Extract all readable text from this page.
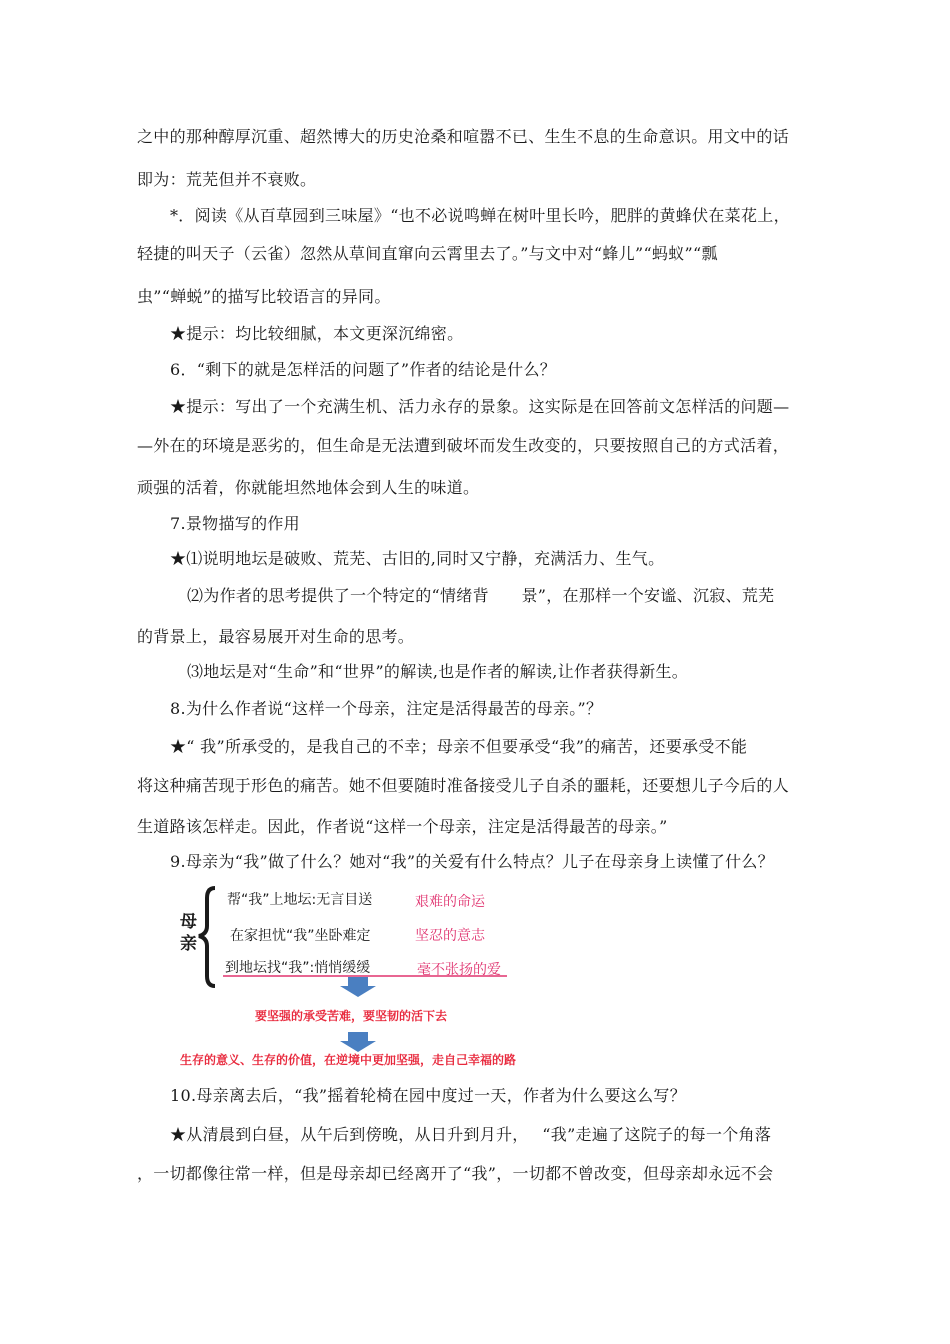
之中的那种醇厚沉重、超然博大的历史沧桑和喧嚣不已、生生不息的生命意识。用文中的话
即为：荒芜但并不衰败。
*．阅读《从百草园到三味屋》“也不必说鸣蝉在树叶里长吟，肥胖的黄蜂伏在菜花上，
轻捷的叫天子（云雀）忽然从草间直窜向云霄里去了。”与文中对“蜂儿”“蚂蚁”“瓢
虫”“蝉蜕”的描写比较语言的异同。
★提示：均比较细腻，本文更深沉绵密。
6．“剩下的就是怎样活的问题了”作者的结论是什么？
★提示：写出了一个充满生机、活力永存的景象。这实际是在回答前文怎样活的问题—
—外在的环境是恶劣的，但生命是无法遭到破坏而发生改变的，只要按照自己的方式活着，
顽强的活着，你就能坦然地体会到人生的味道。
7.景物描写的作用
★⑴说明地坛是破败、荒芜、古旧的,同时又宁静，充满活力、生气。
⑵为作者的思考提供了一个特定的“情绪背　　景”，在那样一个安谧、沉寂、荒芜
的背景上，最容易展开对生命的思考。
⑶地坛是对“生命”和“世界”的解读,也是作者的解读,让作者获得新生。
8.为什么作者说“这样一个母亲，注定是活得最苦的母亲。”？
★“ 我”所承受的，是我自己的不幸；母亲不但要承受“我”的痛苦，还要承受不能
将这种痛苦现于形色的痛苦。她不但要随时准备接受儿子自杀的噩耗，还要想儿子今后的人
生道路该怎样走。因此，作者说“这样一个母亲，注定是活得最苦的母亲。”
9.母亲为“我”做了什么？她对“我”的关爱有什么特点？儿子在母亲身上读懂了什么？
母
亲
帮“我”上地坛:无言目送	艰难的命运
在家担忧“我”坐卧难定	坚忍的意志
到地坛找“我”:悄悄缓缓	毫不张扬的爱
要坚强的承受苦难，要坚韧的活下去
生存的意义、生存的价值，在逆境中更加坚强，走自己幸福的路
10.母亲离去后，“我”摇着轮椅在园中度过一天，作者为什么要这么写？
★从清晨到白昼，从午后到傍晚，从日升到月升，　 “我”走遍了这院子的每一个角落
，一切都像往常一样，但是母亲却已经离开了“我”，一切都不曾改变，但母亲却永远不会
